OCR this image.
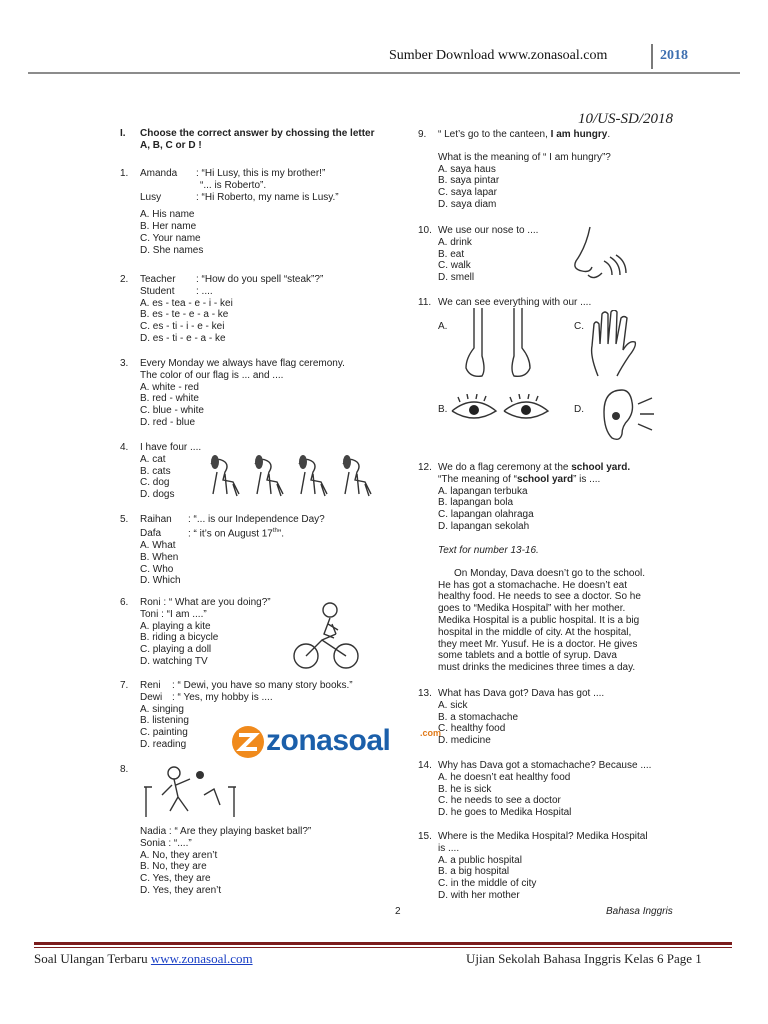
Sumber Download www.zonasoal.com	2018
10/US-SD/2018
I. Choose the correct answer by chossing the letter A, B, C or D !
1. Amanda : “Hi Lusy, this is my brother!”
“... is Roberto”.
Lusy	: “Hi Roberto, my name is Lusy.”
A. His name
B. Her name
C. Your name
D. She names
2. Teacher : “How do you spell “steak”?”
Student : ....
A. es - tea - e - i - kei
B. es - te - e - a - ke
C. es - ti - i - e - kei
D. es - ti - e - a - ke
3. Every Monday we always have flag ceremony.
The color of our flag is ... and ....
A. white - red
B. red - white
C. blue - white
D. red - blue
4. I have four ....
A. cat
B. cats
C. dog
D. dogs
5. Raihan : “... is our Independence Day?
Dafa	: “ it’s on August 17th”.
A. What
B. When
C. Who
D. Which
6. Roni : “ What are you doing?”
Toni : “I am ....”
A. playing a kite
B. riding a bicycle
C. playing a doll
D. watching TV
7. Reni : “ Dewi, you have so many story books.”
Dewi : “ Yes, my hobby is ....
A. singing
B. listening
C. painting
D. reading
8.
Nadia : “ Are they playing basket ball?”
Sonia : “....”
A. No, they aren’t
B. No, they are
C. Yes, they are
D. Yes, they aren’t
9. “ Let’s go to the canteen, I am hungry.
What is the meaning of “ I am hungry”?
A. saya haus
B. saya pintar
C. saya lapar
D. saya diam
10. We use our nose to ....
A. drink
B. eat
C. walk
D. smell
11. We can see everything with our ....
A.	C.
B.	D.
12. We do a flag ceremony at the school yard.
“The meaning of “school yard” is ....
A. lapangan terbuka
B. lapangan bola
C. lapangan olahraga
D. lapangan sekolah
Text for number 13-16.
On Monday, Dava doesn’t go to the school.
He has got a stomachache. He doesn’t eat
healthy food. He needs to see a doctor. So he
goes to “Medika Hospital” with her mother.
Medika Hospital is a public hospital. It is a big
hospital in the middle of city. At the hospital,
they meet Mr. Yusuf. He is a doctor. He gives
some tablets and a bottle of syrup. Dava
must drinks the medicines three times a day.
13. What has Dava got? Dava has got ....
A. sick
B. a stomachache
C. healthy food
D. medicine
14. Why has Dava got a stomachache? Because ....
A. he doesn’t eat healthy food
B. he is sick
C. he needs to see a doctor
D. he goes to Medika Hospital
15. Where is the Medika Hospital? Medika Hospital
is ....
A. a public hospital
B. a big hospital
C. in the middle of city
D. with her mother
zonasoal	.com
2	Bahasa Inggris
Soal Ulangan Terbaru www.zonasoal.com	Ujian Sekolah Bahasa Inggris Kelas 6 Page 1
